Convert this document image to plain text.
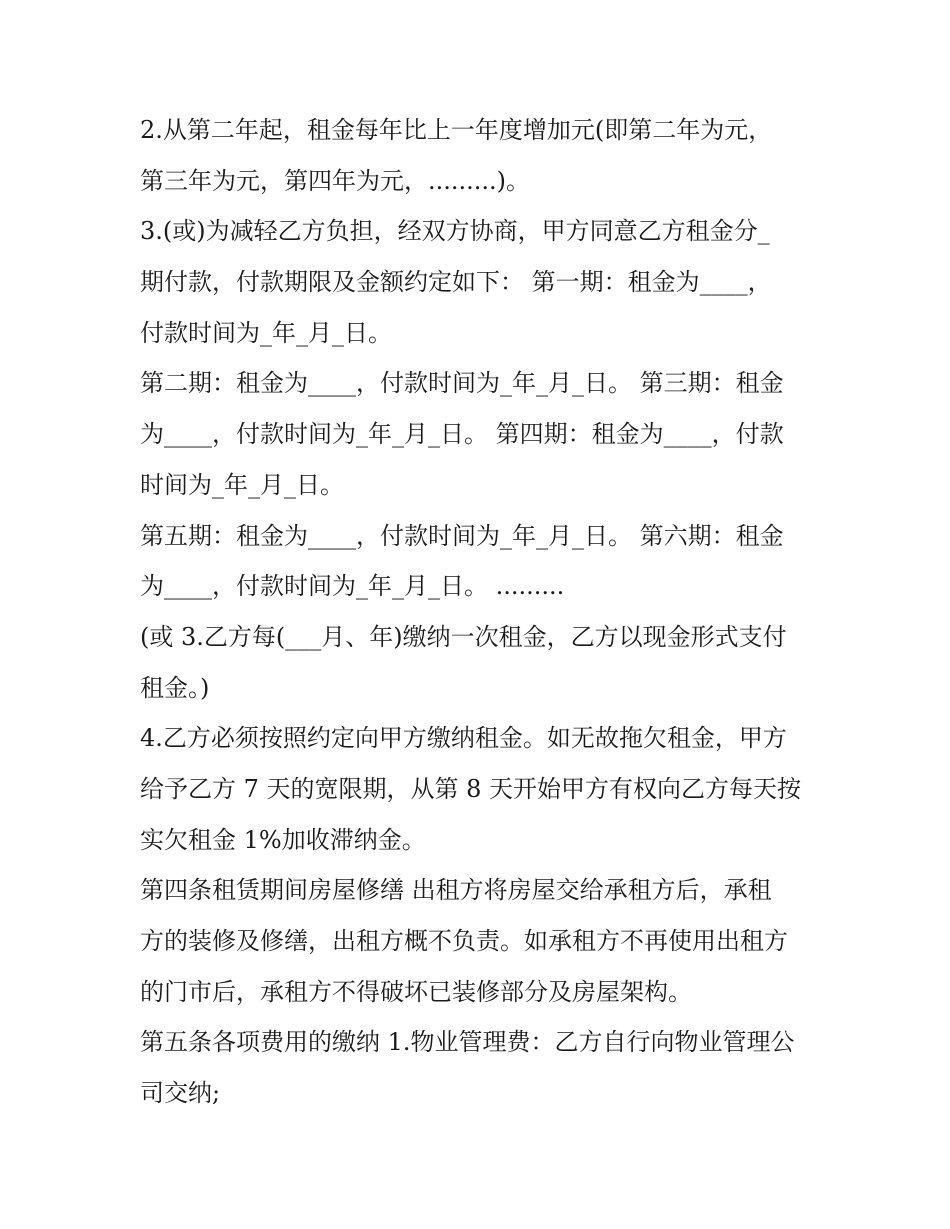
2.从第二年起，租金每年比上一年度增加元(即第二年为元，
第三年为元，第四年为元，.........)。
3.(或)为减轻乙方负担，经双方协商，甲方同意乙方租金分_
期付款，付款期限及金额约定如下： 第一期：租金为____，
付款时间为_年_月_日。
第二期：租金为____，付款时间为_年_月_日。 第三期：租金
为____，付款时间为_年_月_日。 第四期：租金为____，付款
时间为_年_月_日。
第五期：租金为____，付款时间为_年_月_日。 第六期：租金
为____，付款时间为_年_月_日。 .........
(或 3.乙方每(___月、年)缴纳一次租金，乙方以现金形式支付
租金。)
4.乙方必须按照约定向甲方缴纳租金。如无故拖欠租金，甲方
给予乙方 7 天的宽限期，从第 8 天开始甲方有权向乙方每天按
实欠租金 1%加收滞纳金。
第四条租赁期间房屋修缮 出租方将房屋交给承租方后，承租
方的装修及修缮，出租方概不负责。如承租方不再使用出租方
的门市后，承租方不得破坏已装修部分及房屋架构。
第五条各项费用的缴纳 1.物业管理费：乙方自行向物业管理公
司交纳;
